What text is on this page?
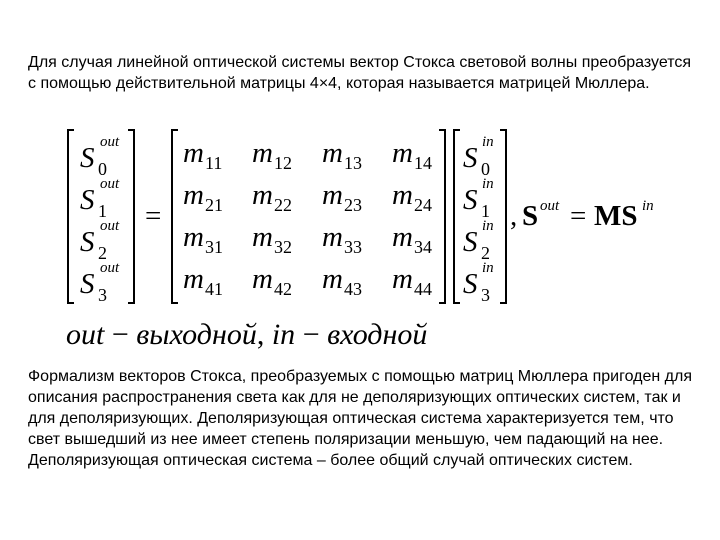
Для случая линейной оптической системы вектор Стокса световой волны преобразуется с помощью действительной матрицы 4×4, которая называется матрицей Мюллера.
S 0
out
S 1
out
S 2
out
S 3
out
=
m 11 m 12 m 13 m 14
m 21 m 22 m 23 m 24
m 31 m 32 m 33 m 34
m 41 m 42 m 43 m 44
S 0
in
S 1
in
S 2
in
S 3
in
, S out = MS in
out − выходной, in − входной
Формализм векторов Стокса, преобразуемых с помощью матриц Мюллера пригоден для описания распространения света как для не деполяризующих оптических систем, так и для деполяризующих. Деполяризующая оптическая система характеризуется тем, что свет вышедший из нее имеет степень поляризации меньшую, чем падающий на нее. Деполяризующая оптическая система – более общий случай оптических систем.
